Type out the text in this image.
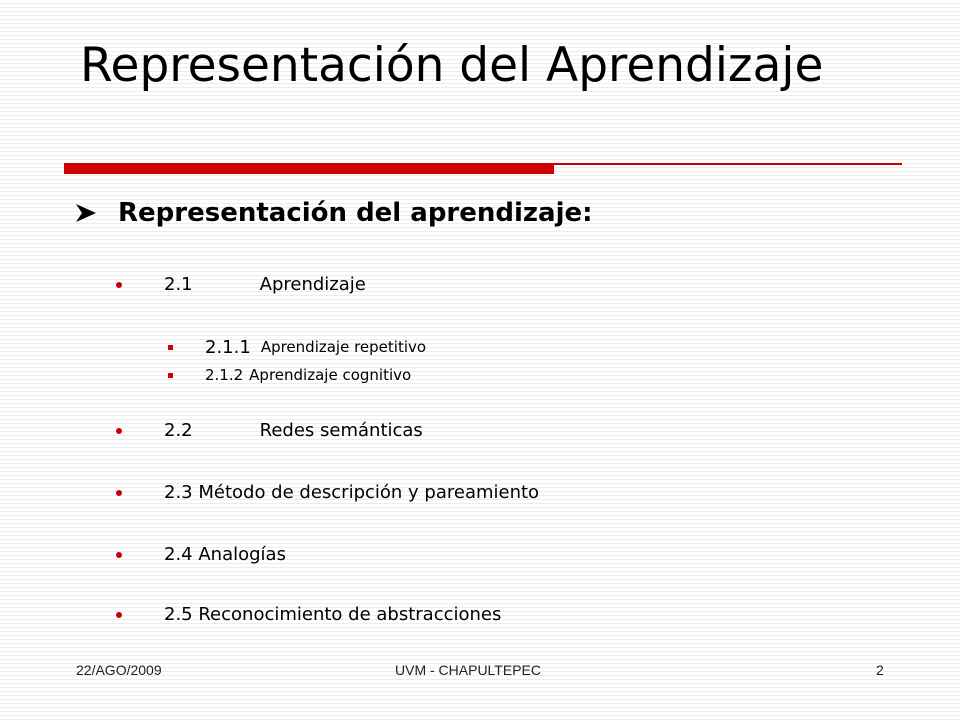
Representación del Aprendizaje
Representación del aprendizaje:
2.1	Aprendizaje
2.1.1 Aprendizaje repetitivo
2.1.2 Aprendizaje cognitivo
2.2	Redes semánticas
2.3 Método de descripción y pareamiento
2.4 Analogías
2.5 Reconocimiento de abstracciones
22/AGO/2009	UVM - CHAPULTEPEC	2
